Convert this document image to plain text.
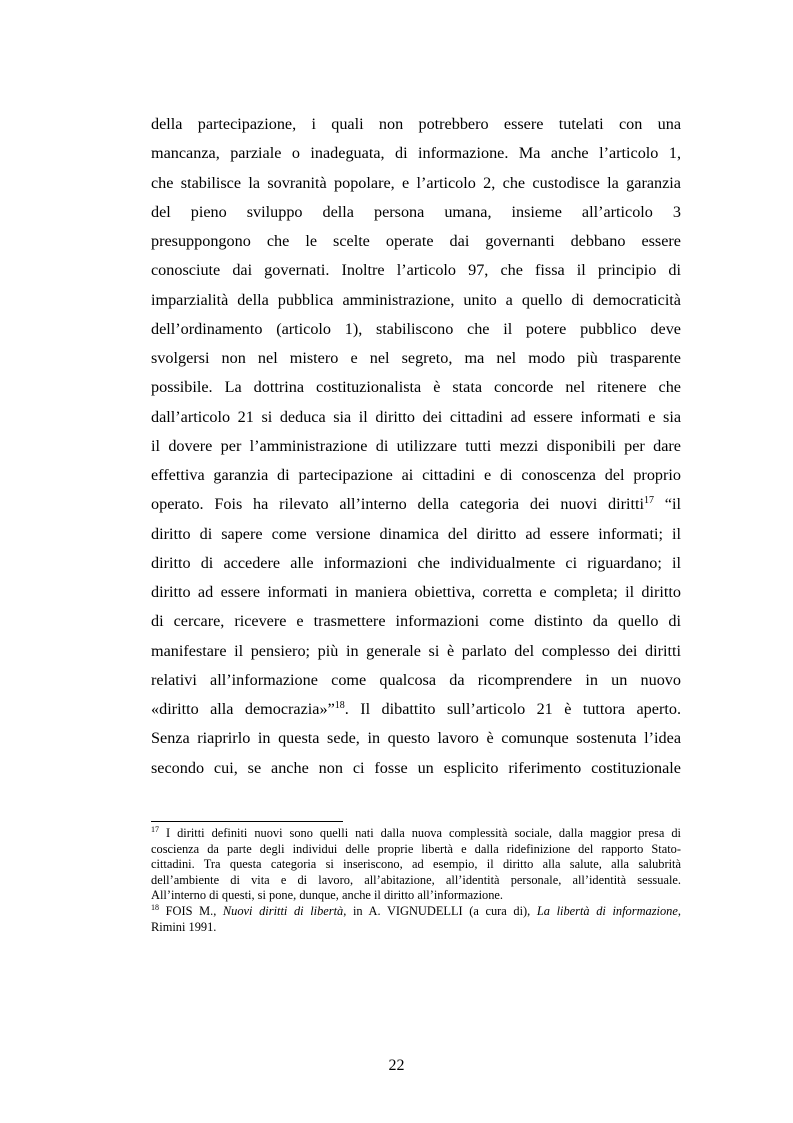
della partecipazione, i quali non potrebbero essere tutelati con una
mancanza, parziale o inadeguata, di informazione. Ma anche l’articolo 1,
che stabilisce la sovranità popolare, e l’articolo 2, che custodisce la garanzia
del pieno sviluppo della persona umana, insieme all’articolo 3
presuppongono che le scelte operate dai governanti debbano essere
conosciute dai governati. Inoltre l’articolo 97, che fissa il principio di
imparzialità della pubblica amministrazione, unito a quello di democraticità
dell’ordinamento (articolo 1), stabiliscono che il potere pubblico deve
svolgersi non nel mistero e nel segreto, ma nel modo più trasparente
possibile. La dottrina costituzionalista è stata concorde nel ritenere che
dall’articolo 21 si deduca sia il diritto dei cittadini ad essere informati e sia
il dovere per l’amministrazione di utilizzare tutti mezzi disponibili per dare
effettiva garanzia di partecipazione ai cittadini e di conoscenza del proprio
operato. Fois ha rilevato all’interno della categoria dei nuovi diritti$^{17}$ “il
diritto di sapere come versione dinamica del diritto ad essere informati; il
diritto di accedere alle informazioni che individualmente ci riguardano; il
diritto ad essere informati in maniera obiettiva, corretta e completa; il diritto
di cercare, ricevere e trasmettere informazioni come distinto da quello di
manifestare il pensiero; più in generale si è parlato del complesso dei diritti
relativi all’informazione come qualcosa da ricomprendere in un nuovo
«diritto alla democrazia»”$^{18}$. Il dibattito sull’articolo 21 è tuttora aperto.
Senza riaprirlo in questa sede, in questo lavoro è comunque sostenuta l’idea
secondo cui, se anche non ci fosse un esplicito riferimento costituzionale
$^{17}$ I diritti definiti nuovi sono quelli nati dalla nuova complessità sociale, dalla maggior presa di
coscienza da parte degli individui delle proprie libertà e dalla ridefinizione del rapporto Stato-
cittadini. Tra questa categoria si inseriscono, ad esempio, il diritto alla salute, alla salubrità
dell’ambiente di vita e di lavoro, all’abitazione, all’identità personale, all’identità sessuale.
All’interno di questi, si pone, dunque, anche il diritto all’informazione.
$^{18}$ FOIS M., Nuovi diritti di libertà, in A. VIGNUDELLI (a cura di), La libertà di informazione,
Rimini 1991.
22
